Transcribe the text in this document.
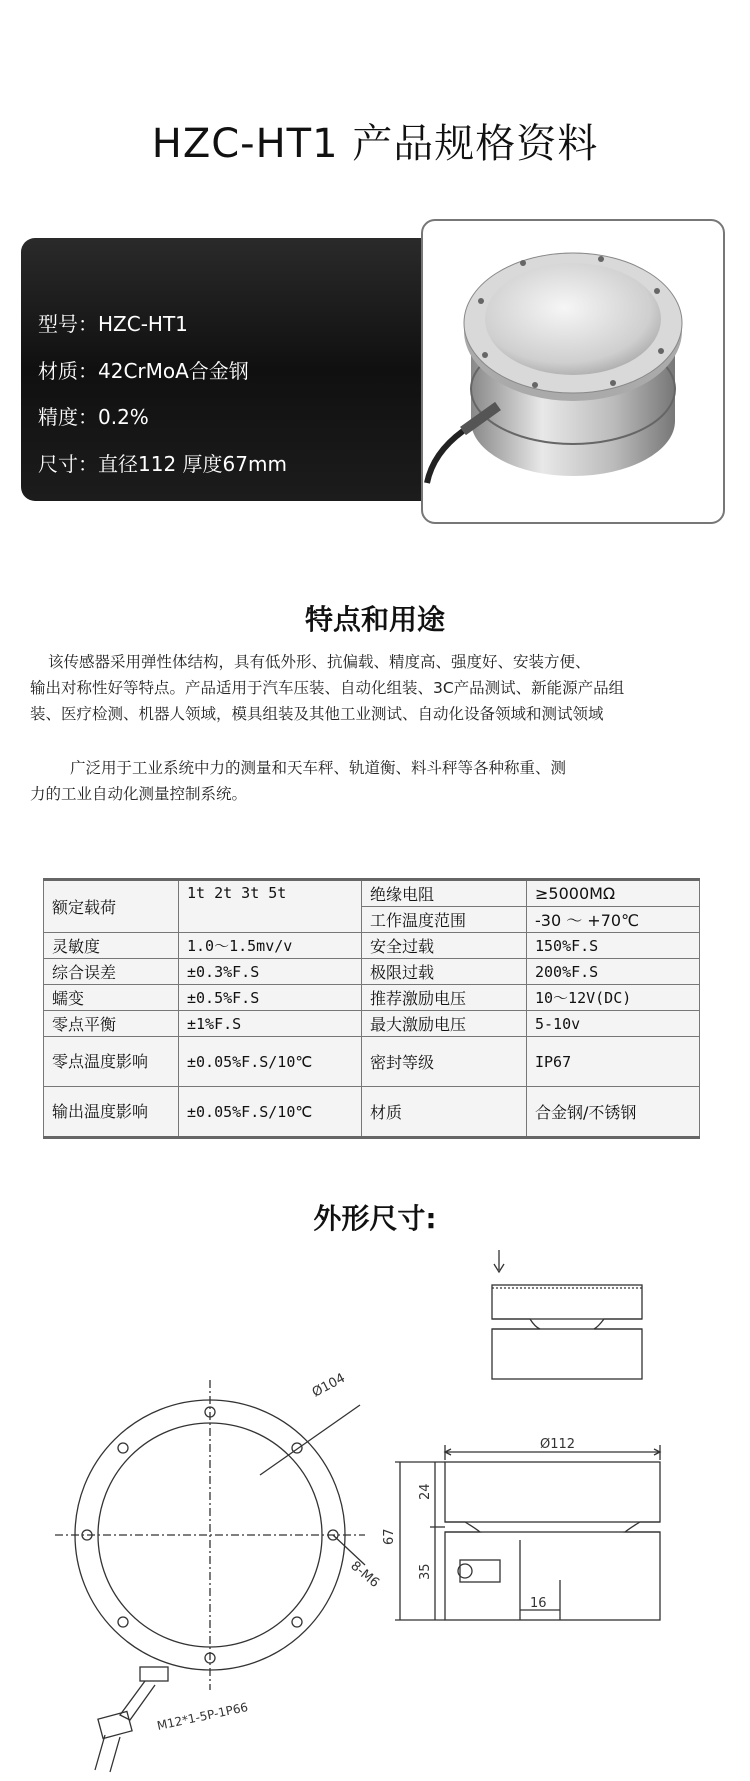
HZC-HT1 产品规格资料
型号：HZC-HT1
材质：42CrMoA合金钢
精度：0.2%
尺寸：直径112 厚度67mm
特点和用途
该传感器采用弹性体结构，具有低外形、抗偏载、精度高、强度好、安装方便、
输出对称性好等特点。产品适用于汽车压装、自动化组装、3C产品测试、新能源产品组
装、医疗检测、机器人领域，模具组装及其他工业测试、自动化设备领域和测试领域
广泛用于工业系统中力的测量和天车秤、轨道衡、料斗秤等各种称重、测
力的工业自动化测量控制系统。
额定载荷	1t 2t 3t 5t	绝缘电阻	≥5000MΩ
		工作温度范围	-30 ～ +70℃
灵敏度	1.0～1.5mv/v	安全过载	150%F.S
综合误差	±0.3%F.S	极限过载	200%F.S
蠕变	±0.5%F.S	推荐激励电压	10～12V(DC)
零点平衡	±1%F.S	最大激励电压	5-10v
零点温度影响	±0.05%F.S/10℃	密封等级	IP67
输出温度影响	±0.05%F.S/10℃	材质	合金钢/不锈钢
外形尺寸:
Ø104
8-M6
M12*1-5P-1P66
Ø112
67
24
35
16
